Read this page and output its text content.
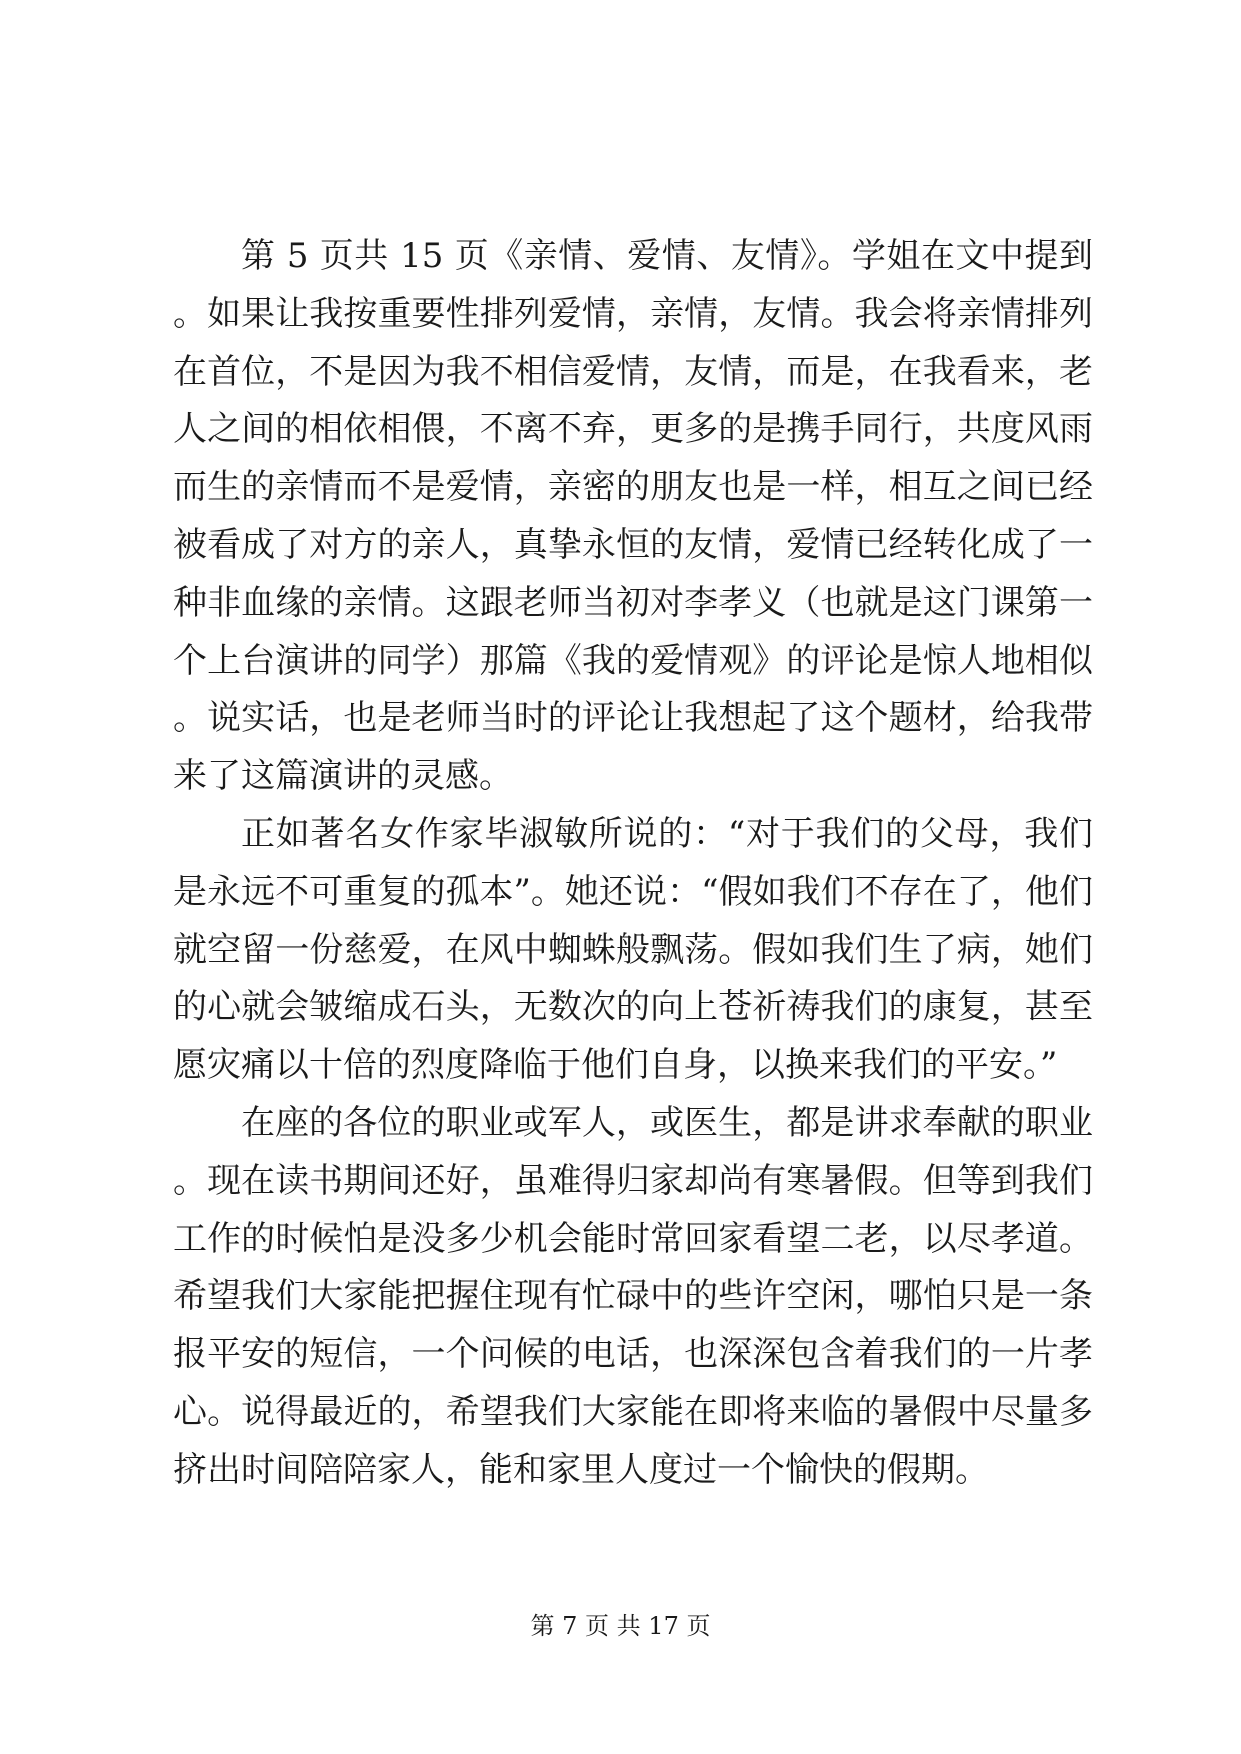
第 5 页共 15 页《亲情、爱情、友情》。学姐在文中提到。如果让我按重要性排列爱情，亲情，友情。我会将亲情排列在首位，不是因为我不相信爱情，友情，而是，在我看来，老人之间的相依相偎，不离不弃，更多的是携手同行，共度风雨而生的亲情而不是爱情，亲密的朋友也是一样，相互之间已经被看成了对方的亲人，真挚永恒的友情，爱情已经转化成了一种非血缘的亲情。这跟老师当初对李孝义（也就是这门课第一个上台演讲的同学）那篇《我的爱情观》的评论是惊人地相似。说实话，也是老师当时的评论让我想起了这个题材，给我带来了这篇演讲的灵感。

正如著名女作家毕淑敏所说的：“对于我们的父母，我们是永远不可重复的孤本”。她还说：“假如我们不存在了，他们就空留一份慈爱，在风中蜘蛛般飘荡。假如我们生了病，她们的心就会皱缩成石头，无数次的向上苍祈祷我们的康复，甚至愿灾痛以十倍的烈度降临于他们自身，以换来我们的平安。”

在座的各位的职业或军人，或医生，都是讲求奉献的职业。现在读书期间还好，虽难得归家却尚有寒暑假。但等到我们工作的时候怕是没多少机会能时常回家看望二老，以尽孝道。希望我们大家能把握住现有忙碌中的些许空闲，哪怕只是一条报平安的短信，一个问候的电话，也深深包含着我们的一片孝心。说得最近的，希望我们大家能在即将来临的暑假中尽量多挤出时间陪陪家人，能和家里人度过一个愉快的假期。

第 7 页 共 17 页
